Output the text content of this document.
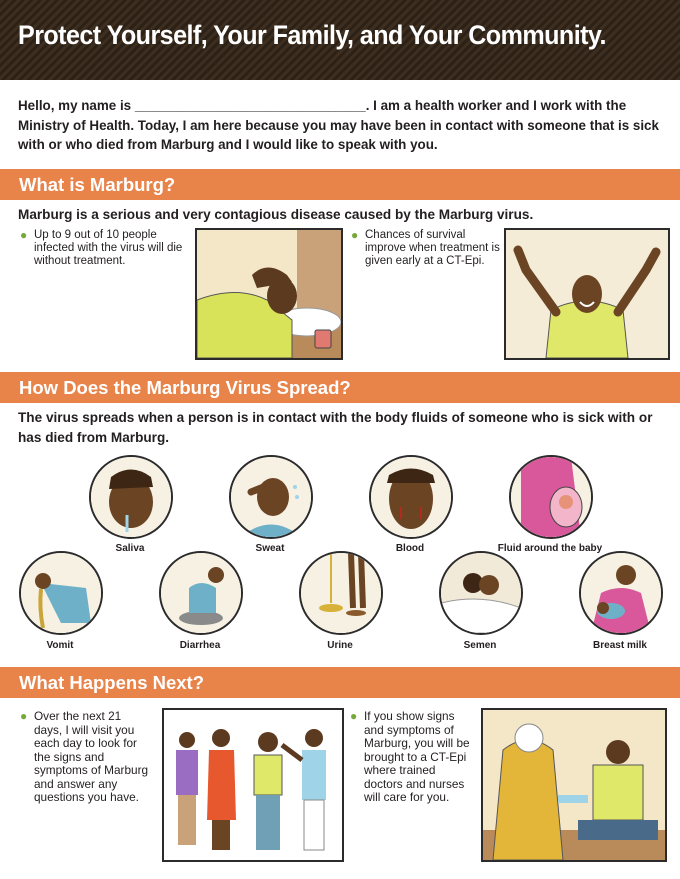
Protect Yourself, Your Family, and Your Community.

Hello, my name is _______________________________. I am a health worker and I work with the Ministry of Health. Today, I am here because you may have been in contact with someone that is sick with or who died from Marburg and I would like to speak with you.

What is Marburg?

Marburg is a serious and very contagious disease caused by the Marburg virus.

● Up to 9 out of 10 people infected with the virus will die without treatment.
● Chances of survival improve when treatment is given early at a CT-Epi.
How Does the Marburg Virus Spread?

The virus spreads when a person is in contact with the body fluids of someone who is sick with or has died from Marburg.

Saliva	Sweat	Blood	Fluid around the baby
Vomit	Diarrhea	Urine	Semen	Breast milk
What Happens Next?
● Over the next 21 days, I will visit you each day to look for the signs and symptoms of Marburg and answer any questions you have.
● If you show signs and symptoms of Marburg, you will be brought to a CT-Epi where trained doctors and nurses will care for you.
